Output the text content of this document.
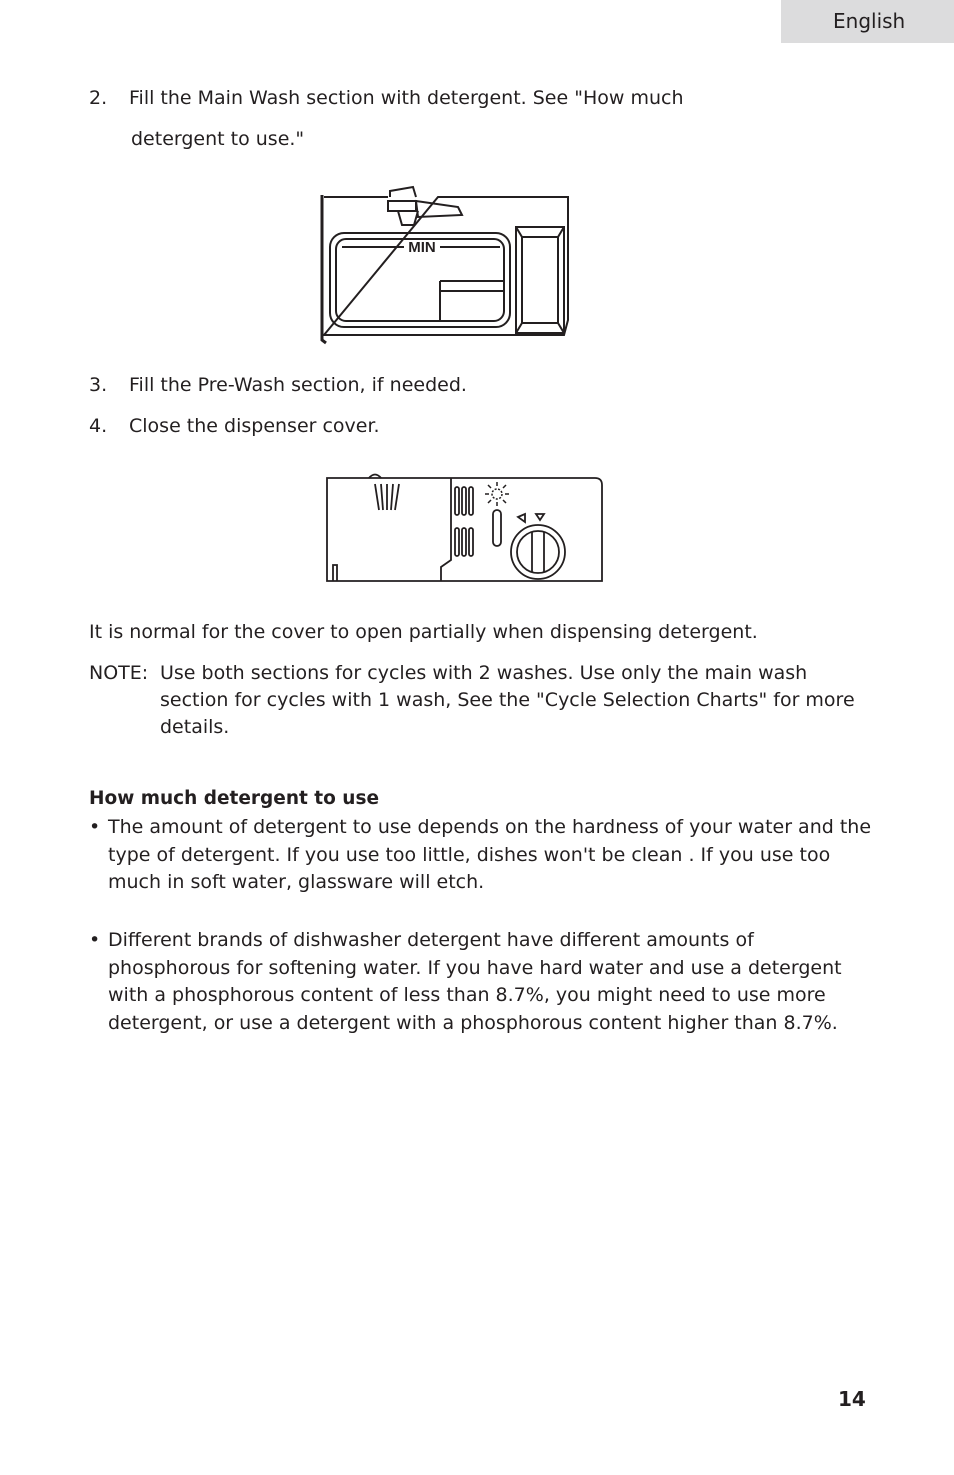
English
2. Fill the Main Wash section with detergent. See "How much
detergent to use."
MIN
3. Fill the Pre-Wash section, if needed.
4. Close the dispenser cover.
It is normal for the cover to open partially when dispensing detergent.
NOTE: Use both sections for cycles with 2 washes. Use only the main wash section for cycles with 1 wash, See the "Cycle Selection Charts" for more details.
How much detergent to use
• The amount of detergent to use depends on the hardness of your water and the type of detergent. If you use too little, dishes won't be clean . If you use too much in soft water, glassware will etch.
• Different brands of dishwasher detergent have different amounts of phosphorous for softening water. If you have hard water and use a detergent with a phosphorous content of less than 8.7%, you might need to use more detergent, or use a detergent with a phosphorous content higher than 8.7%.
14
